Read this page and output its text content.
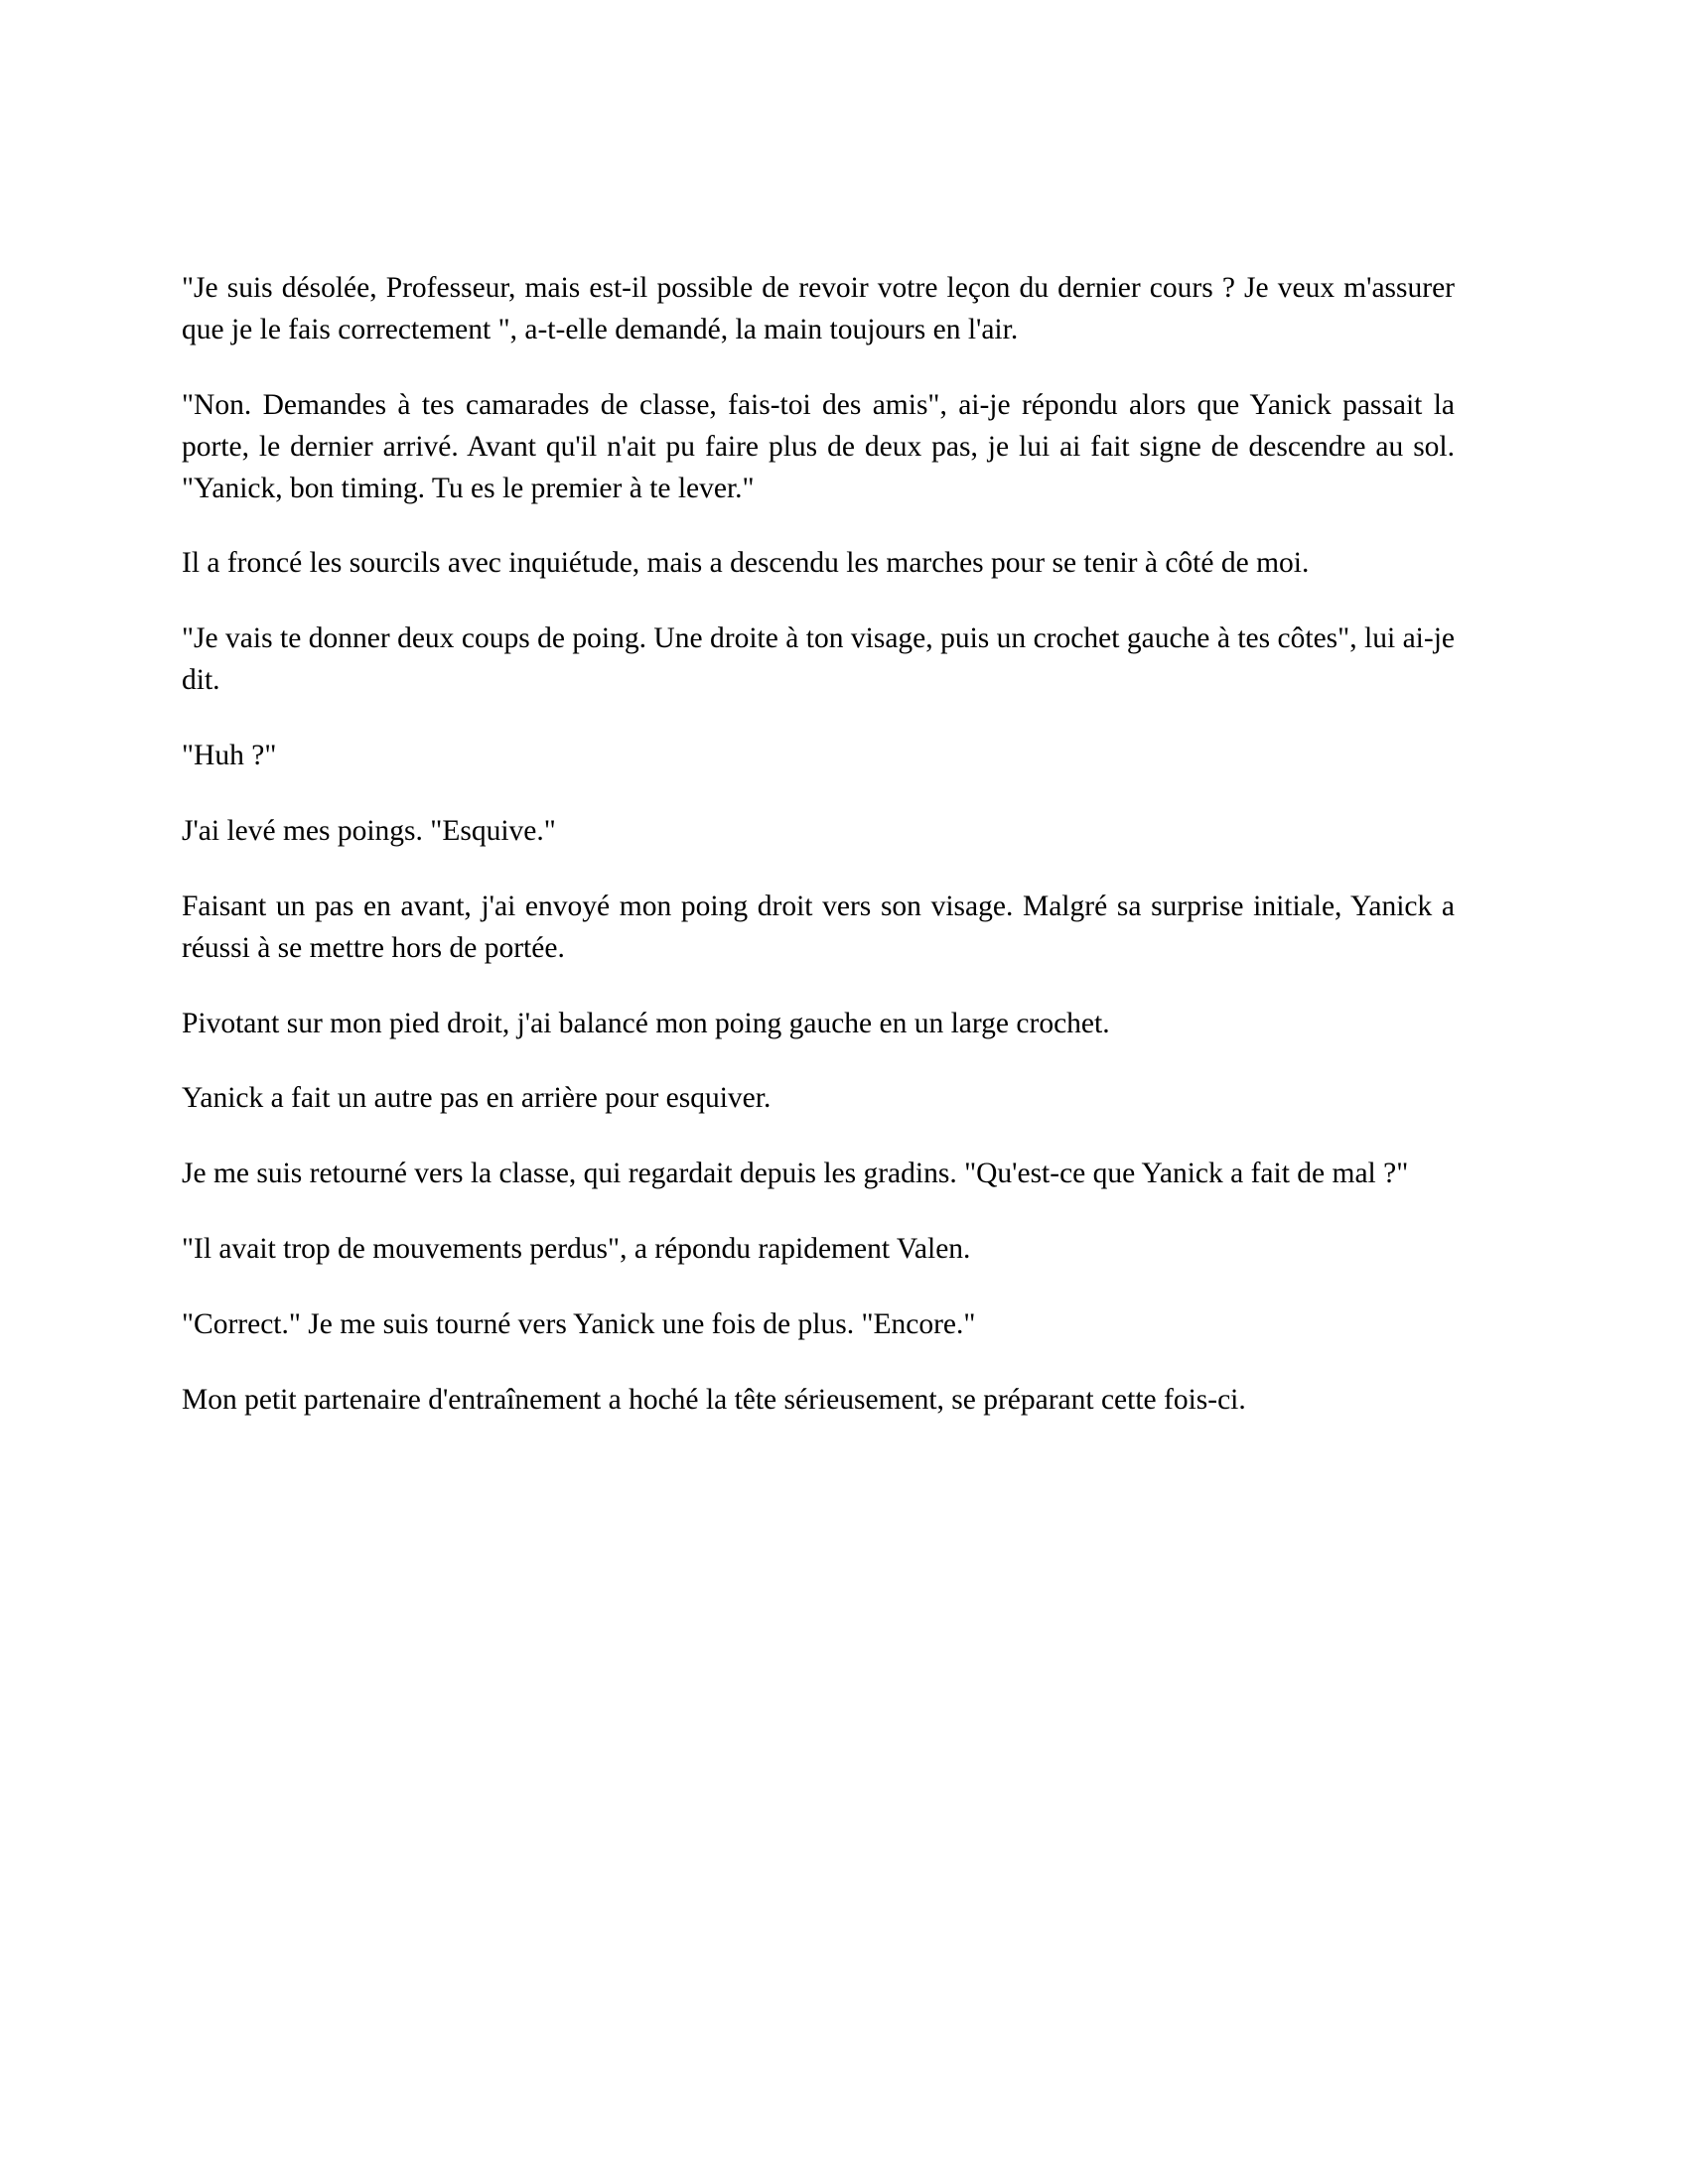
"Je suis désolée, Professeur, mais est-il possible de revoir votre leçon du dernier cours ? Je veux m'assurer que je le fais correctement ", a-t-elle demandé, la main toujours en l'air.

"Non. Demandes à tes camarades de classe, fais-toi des amis", ai-je répondu alors que Yanick passait la porte, le dernier arrivé. Avant qu'il n'ait pu faire plus de deux pas, je lui ai fait signe de descendre au sol. "Yanick, bon timing. Tu es le premier à te lever."

Il a froncé les sourcils avec inquiétude, mais a descendu les marches pour se tenir à côté de moi.

"Je vais te donner deux coups de poing. Une droite à ton visage, puis un crochet gauche à tes côtes", lui ai-je dit.

"Huh ?"

J'ai levé mes poings. "Esquive."

Faisant un pas en avant, j'ai envoyé mon poing droit vers son visage. Malgré sa surprise initiale, Yanick a réussi à se mettre hors de portée.

Pivotant sur mon pied droit, j'ai balancé mon poing gauche en un large crochet.

Yanick a fait un autre pas en arrière pour esquiver.

Je me suis retourné vers la classe, qui regardait depuis les gradins. "Qu'est-ce que Yanick a fait de mal ?"

"Il avait trop de mouvements perdus", a répondu rapidement Valen.

"Correct." Je me suis tourné vers Yanick une fois de plus. "Encore."

Mon petit partenaire d'entraînement a hoché la tête sérieusement, se préparant cette fois-ci.
